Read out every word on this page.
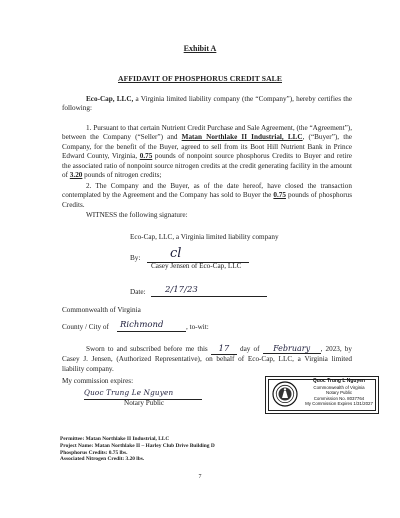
Exhibit A
AFFIDAVIT OF PHOSPHORUS CREDIT SALE
Eco-Cap, LLC, a Virginia limited liability company (the “Company”), hereby certifies the following:
1. Pursuant to that certain Nutrient Credit Purchase and Sale Agreement, (the “Agreement”), between the Company (“Seller”) and Matan Northlake II Industrial, LLC, (“Buyer”), the Company, for the benefit of the Buyer, agreed to sell from its Boot Hill Nutrient Bank in Prince Edward County, Virginia, 0.75 pounds of nonpoint source phosphorus Credits to Buyer and retire the associated ratio of nonpoint source nitrogen credits at the credit generating facility in the amount of 3.20 pounds of nitrogen credits;
2. The Company and the Buyer, as of the date hereof, have closed the transaction contemplated by the Agreement and the Company has sold to Buyer the 0.75 pounds of phosphorus Credits.
WITNESS the following signature:
Eco-Cap, LLC, a Virginia limited liability company
By: cl
Casey Jensen of Eco-Cap, LLC
Date: 2/17/23
Commonwealth of Virginia
County / City of Richmond	, to-wit:
Sworn to and subscribed before me this 17 day of February , 2023, by Casey J. Jensen, (Authorized Representative), on behalf of Eco-Cap, LLC, a Virginia limited liability company.
My commission expires:
Quoc Trung Le Nguyen
Notary Public
Quoc Trung L Nguyen
Commonwealth of Virginia
Notary Public
Commission No. 8037764
My Commission Expires 1/31/2027
Permittee: Matan Northlake II Industrial, LLC
Project Name: Matan Northlake II – Harley Club Drive Building D
Phosphorus Credits: 0.75 lbs.
Associated Nitrogen Credit: 3.20 lbs.
7
